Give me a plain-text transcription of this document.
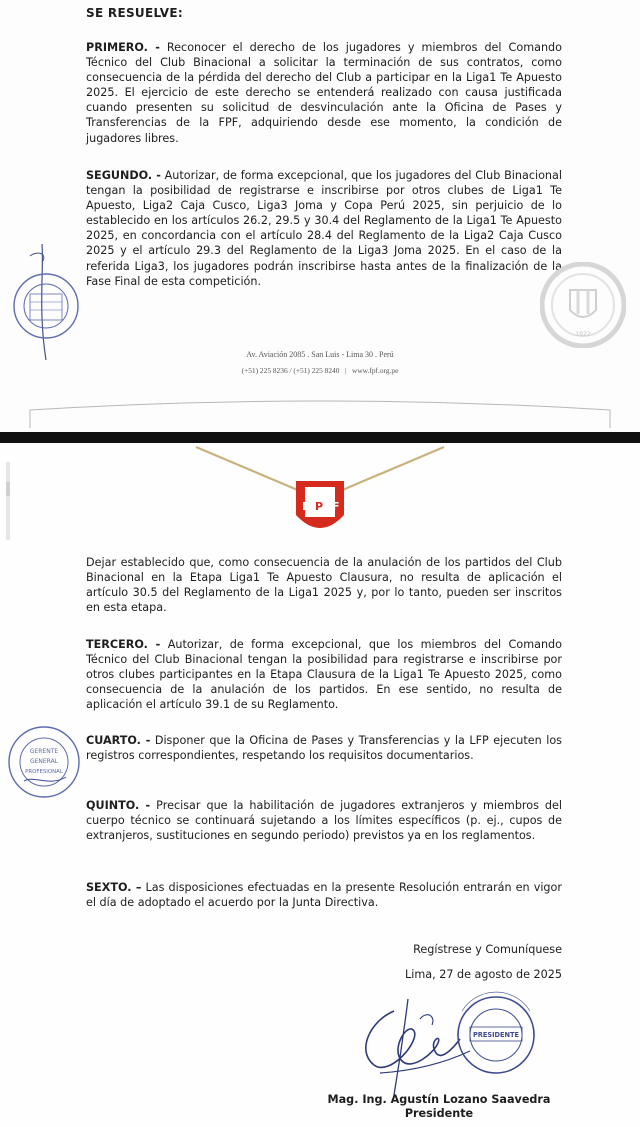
SE RESUELVE:

PRIMERO. - Reconocer el derecho de los jugadores y miembros del Comando Técnico del Club Binacional a solicitar la terminación de sus contratos, como consecuencia de la pérdida del derecho del Club a participar en la Liga1 Te Apuesto 2025. El ejercicio de este derecho se entenderá realizado con causa justificada cuando presenten su solicitud de desvinculación ante la Oficina de Pases y Transferencias de la FPF, adquiriendo desde ese momento, la condición de jugadores libres.

SEGUNDO. - Autorizar, de forma excepcional, que los jugadores del Club Binacional tengan la posibilidad de registrarse e inscribirse por otros clubes de Liga1 Te Apuesto, Liga2 Caja Cusco, Liga3 Joma y Copa Perú 2025, sin perjuicio de lo establecido en los artículos 26.2, 29.5 y 30.4 del Reglamento de la Liga1 Te Apuesto 2025, en concordancia con el artículo 28.4 del Reglamento de la Liga2 Caja Cusco 2025 y el artículo 29.3 del Reglamento de la Liga3 Joma 2025. En el caso de la referida Liga3, los jugadores podrán inscribirse hasta antes de la finalización de la Fase Final de esta competición.

1922
Av. Aviación 2085 . San Luis - Lima 30 . Perú
(+51) 225 8236 / (+51) 225 8240   |   www.fpf.org.pe
F P F

Dejar establecido que, como consecuencia de la anulación de los partidos del Club Binacional en la Etapa Liga1 Te Apuesto Clausura, no resulta de aplicación el artículo 30.5 del Reglamento de la Liga1 2025 y, por lo tanto, pueden ser inscritos en esta etapa.

TERCERO. - Autorizar, de forma excepcional, que los miembros del Comando Técnico del Club Binacional tengan la posibilidad para registrarse e inscribirse por otros clubes participantes en la Etapa Clausura de la Liga1 Te Apuesto 2025, como consecuencia de la anulación de los partidos. En ese sentido, no resulta de aplicación el artículo 39.1 de su Reglamento.

CUARTO. - Disponer que la Oficina de Pases y Transferencias y la LFP ejecuten los registros correspondientes, respetando los requisitos documentarios.

GERENTE
GENERAL
PROFESIONAL

QUINTO. - Precisar que la habilitación de jugadores extranjeros y miembros del cuerpo técnico se continuará sujetando a los límites específicos (p. ej., cupos de extranjeros, sustituciones en segundo periodo) previstos ya en los reglamentos.

SEXTO. – Las disposiciones efectuadas en la presente Resolución entrarán en vigor el día de adoptado el acuerdo por la Junta Directiva.

Regístrese y Comuníquese
Lima, 27 de agosto de 2025
PRESIDENTE
Mag. Ing. Agustín Lozano Saavedra
Presidente
